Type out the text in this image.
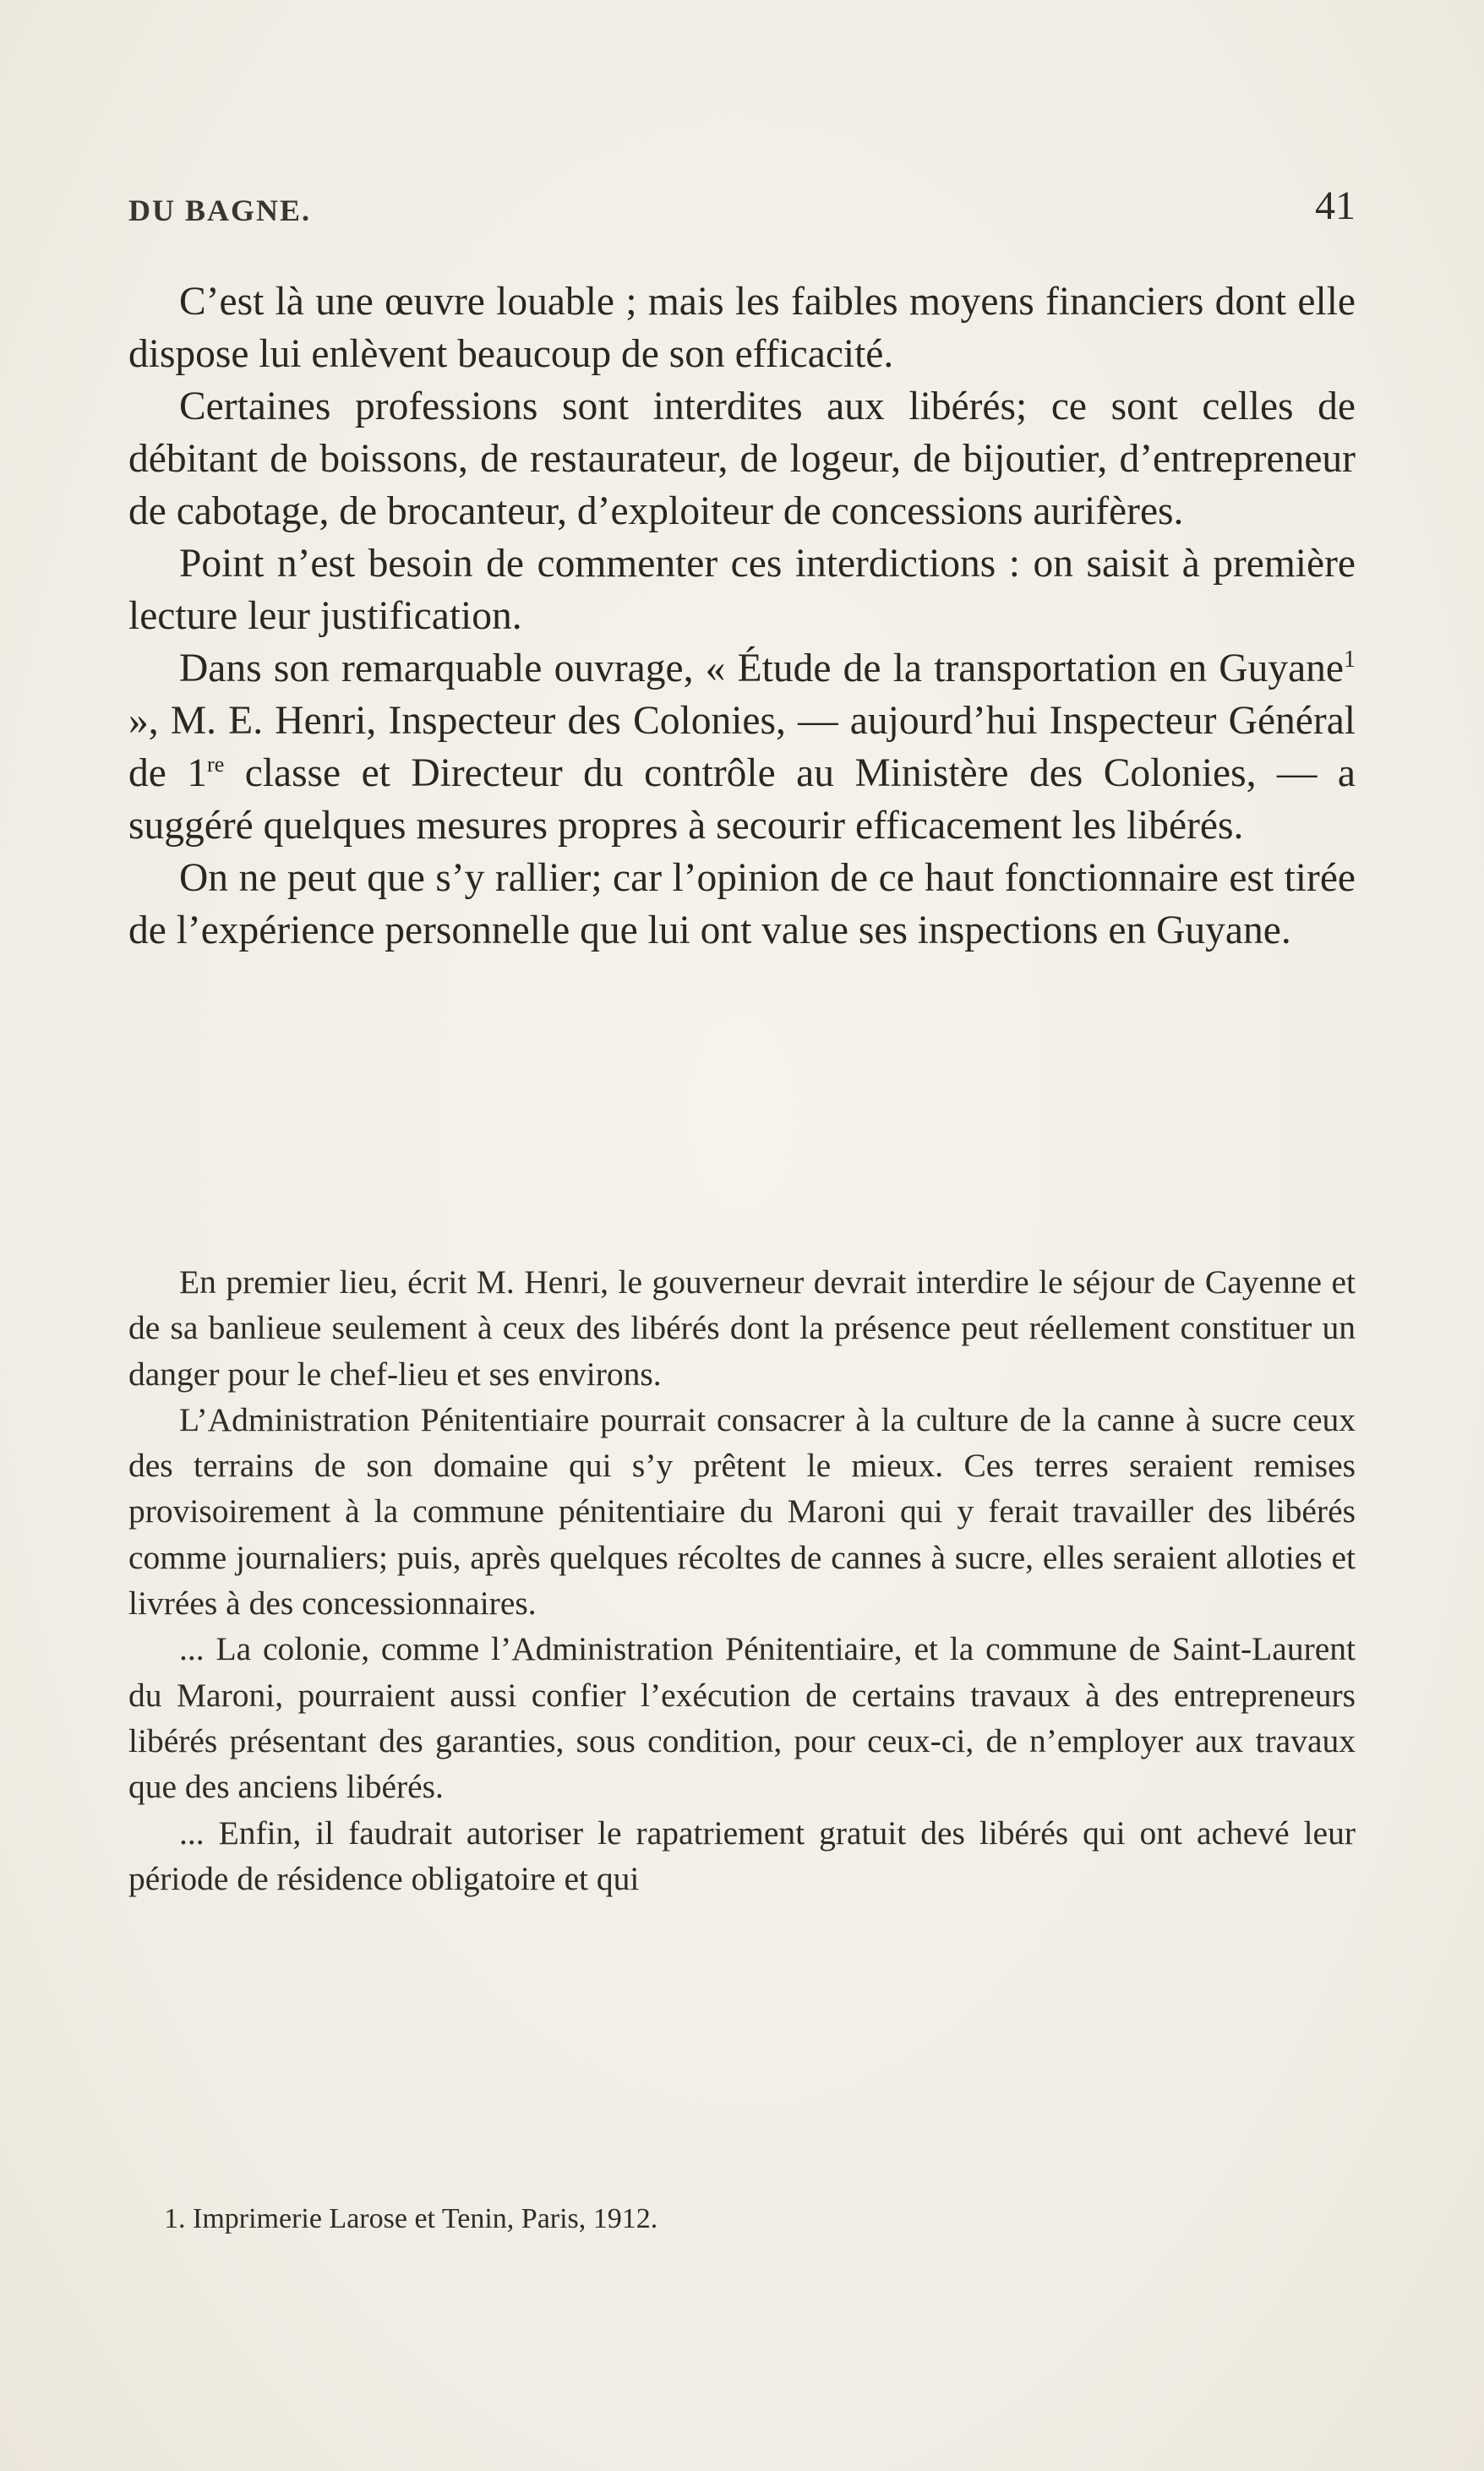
DU BAGNE.	41

C’est là une œuvre louable ; mais les faibles moyens financiers dont elle dispose lui enlèvent beaucoup de son efficacité.

Certaines professions sont interdites aux libérés; ce sont celles de débitant de boissons, de restaurateur, de logeur, de bijoutier, d’entrepreneur de cabotage, de brocanteur, d’exploiteur de concessions aurifères.

Point n’est besoin de commenter ces interdictions : on saisit à première lecture leur justification.

Dans son remarquable ouvrage, « Étude de la transportation en Guyane$^1$ », M. E. Henri, Inspecteur des Colonies, — aujourd’hui Inspecteur Général de 1re classe et Directeur du contrôle au Ministère des Colonies, — a suggéré quelques mesures propres à secourir efficacement les libérés.

On ne peut que s’y rallier; car l’opinion de ce haut fonctionnaire est tirée de l’expérience personnelle que lui ont value ses inspections en Guyane.

En premier lieu, écrit M. Henri, le gouverneur devrait interdire le séjour de Cayenne et de sa banlieue seulement à ceux des libérés dont la présence peut réellement constituer un danger pour le chef-lieu et ses environs.

L’Administration Pénitentiaire pourrait consacrer à la culture de la canne à sucre ceux des terrains de son domaine qui s’y prêtent le mieux. Ces terres seraient remises provisoirement à la commune pénitentiaire du Maroni qui y ferait travailler des libérés comme journaliers; puis, après quelques récoltes de cannes à sucre, elles seraient alloties et livrées à des concessionnaires.

... La colonie, comme l’Administration Pénitentiaire, et la commune de Saint-Laurent du Maroni, pourraient aussi confier l’exécution de certains travaux à des entrepreneurs libérés présentant des garanties, sous condition, pour ceux-ci, de n’employer aux travaux que des anciens libérés.

... Enfin, il faudrait autoriser le rapatriement gratuit des libérés qui ont achevé leur période de résidence obligatoire et qui

1. Imprimerie Larose et Tenin, Paris, 1912.
